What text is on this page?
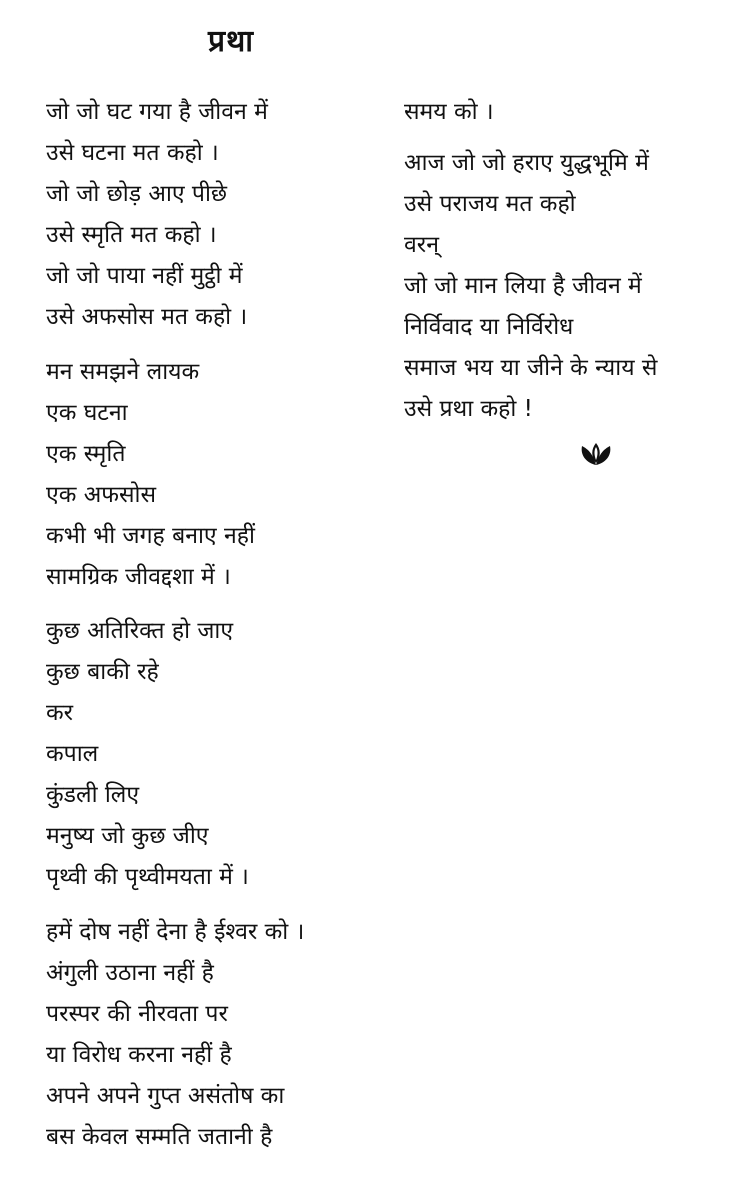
प्रथा
जो जो घट गया है जीवन में
उसे घटना मत कहो ।
जो जो छोड़ आए पीछे
उसे स्मृति मत कहो ।
जो जो पाया नहीं मुट्ठी में
उसे अफसोस मत कहो ।
मन समझने लायक
एक घटना
एक स्मृति
एक अफसोस
कभी भी जगह बनाए नहीं
सामग्रिक जीवद्दशा में ।
कुछ अतिरिक्त हो जाए
कुछ बाकी रहे
कर
कपाल
कुंडली लिए
मनुष्य जो कुछ जीए
पृथ्वी की पृथ्वीमयता में ।
हमें दोष नहीं देना है ईश्वर को ।
अंगुली उठाना नहीं है
परस्पर की नीरवता पर
या विरोध करना नहीं है
अपने अपने गुप्त असंतोष का
बस केवल सम्मति जतानी है
समय को ।
आज जो जो हराए युद्धभूमि में
उसे पराजय मत कहो
वरन्
जो जो मान लिया है जीवन में
निर्विवाद या निर्विरोध
समाज भय या जीने के न्याय से
उसे प्रथा कहो !
